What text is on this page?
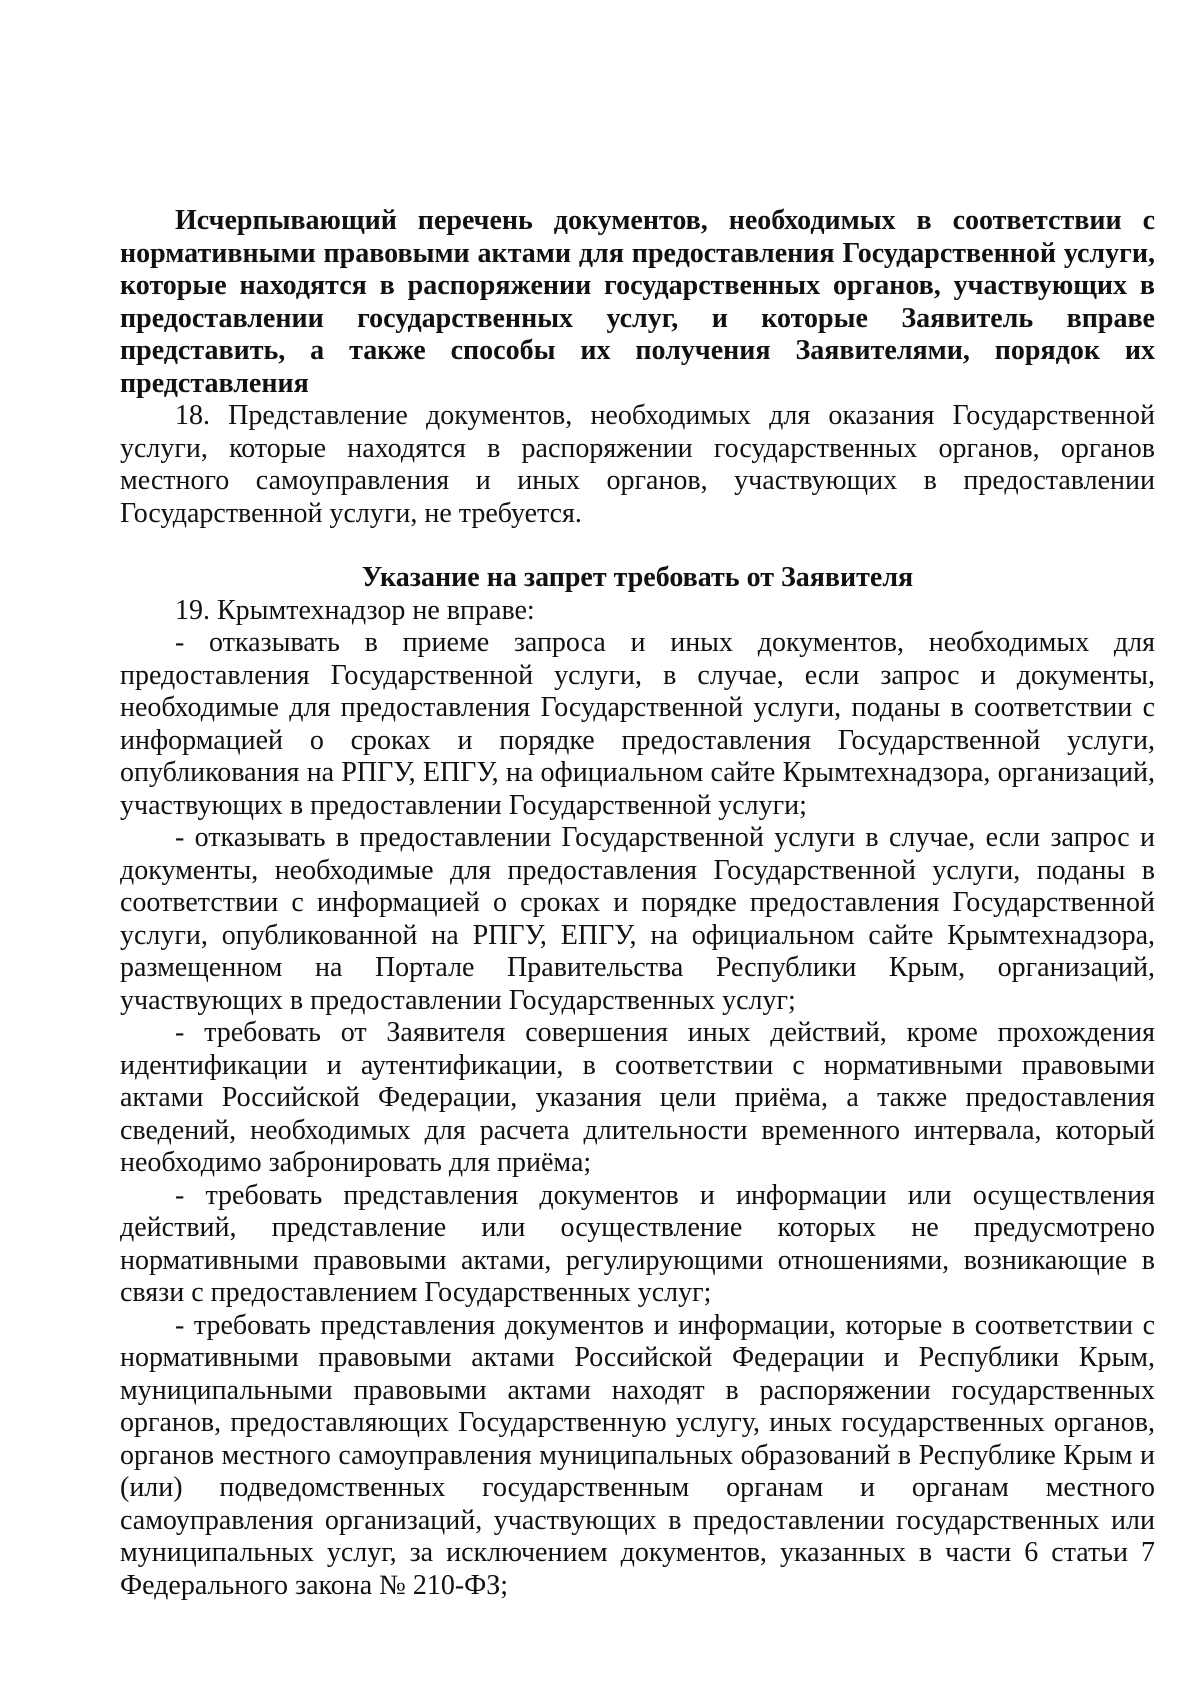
Исчерпывающий перечень документов, необходимых в соответствии с нормативными правовыми актами для предоставления Государственной услуги, которые находятся в распоряжении государственных органов, участвующих в предоставлении государственных услуг, и которые Заявитель вправе представить, а также способы их получения Заявителями, порядок их представления

18. Представление документов, необходимых для оказания Государственной услуги, которые находятся в распоряжении государственных органов, органов местного самоуправления и иных органов, участвующих в предоставлении Государственной услуги, не требуется.

Указание на запрет требовать от Заявителя

19. Крымтехнадзор не вправе:

- отказывать в приеме запроса и иных документов, необходимых для предоставления Государственной услуги, в случае, если запрос и документы, необходимые для предоставления Государственной услуги, поданы в соответствии с информацией о сроках и порядке предоставления Государственной услуги, опубликования на РПГУ, ЕПГУ, на официальном сайте Крымтехнадзора, организаций, участвующих в предоставлении Государственной услуги;

- отказывать в предоставлении Государственной услуги в случае, если запрос и документы, необходимые для предоставления Государственной услуги, поданы в соответствии с информацией о сроках и порядке предоставления Государственной услуги, опубликованной на РПГУ, ЕПГУ, на официальном сайте Крымтехнадзора, размещенном на Портале Правительства Республики Крым, организаций, участвующих в предоставлении Государственных услуг;

- требовать от Заявителя совершения иных действий, кроме прохождения идентификации и аутентификации, в соответствии с нормативными правовыми актами Российской Федерации, указания цели приёма, а также предоставления сведений, необходимых для расчета длительности временного интервала, который необходимо забронировать для приёма;

- требовать представления документов и информации или осуществления действий, представление или осуществление которых не предусмотрено нормативными правовыми актами, регулирующими отношениями, возникающие в связи с предоставлением Государственных услуг;

- требовать представления документов и информации, которые в соответствии с нормативными правовыми актами Российской Федерации и Республики Крым, муниципальными правовыми актами находят в распоряжении государственных органов, предоставляющих Государственную услугу, иных государственных органов, органов местного самоуправления муниципальных образований в Республике Крым и (или) подведомственных государственным органам и органам местного самоуправления организаций, участвующих в предоставлении государственных или муниципальных услуг, за исключением документов, указанных в части 6 статьи 7 Федерального закона № 210-ФЗ;
